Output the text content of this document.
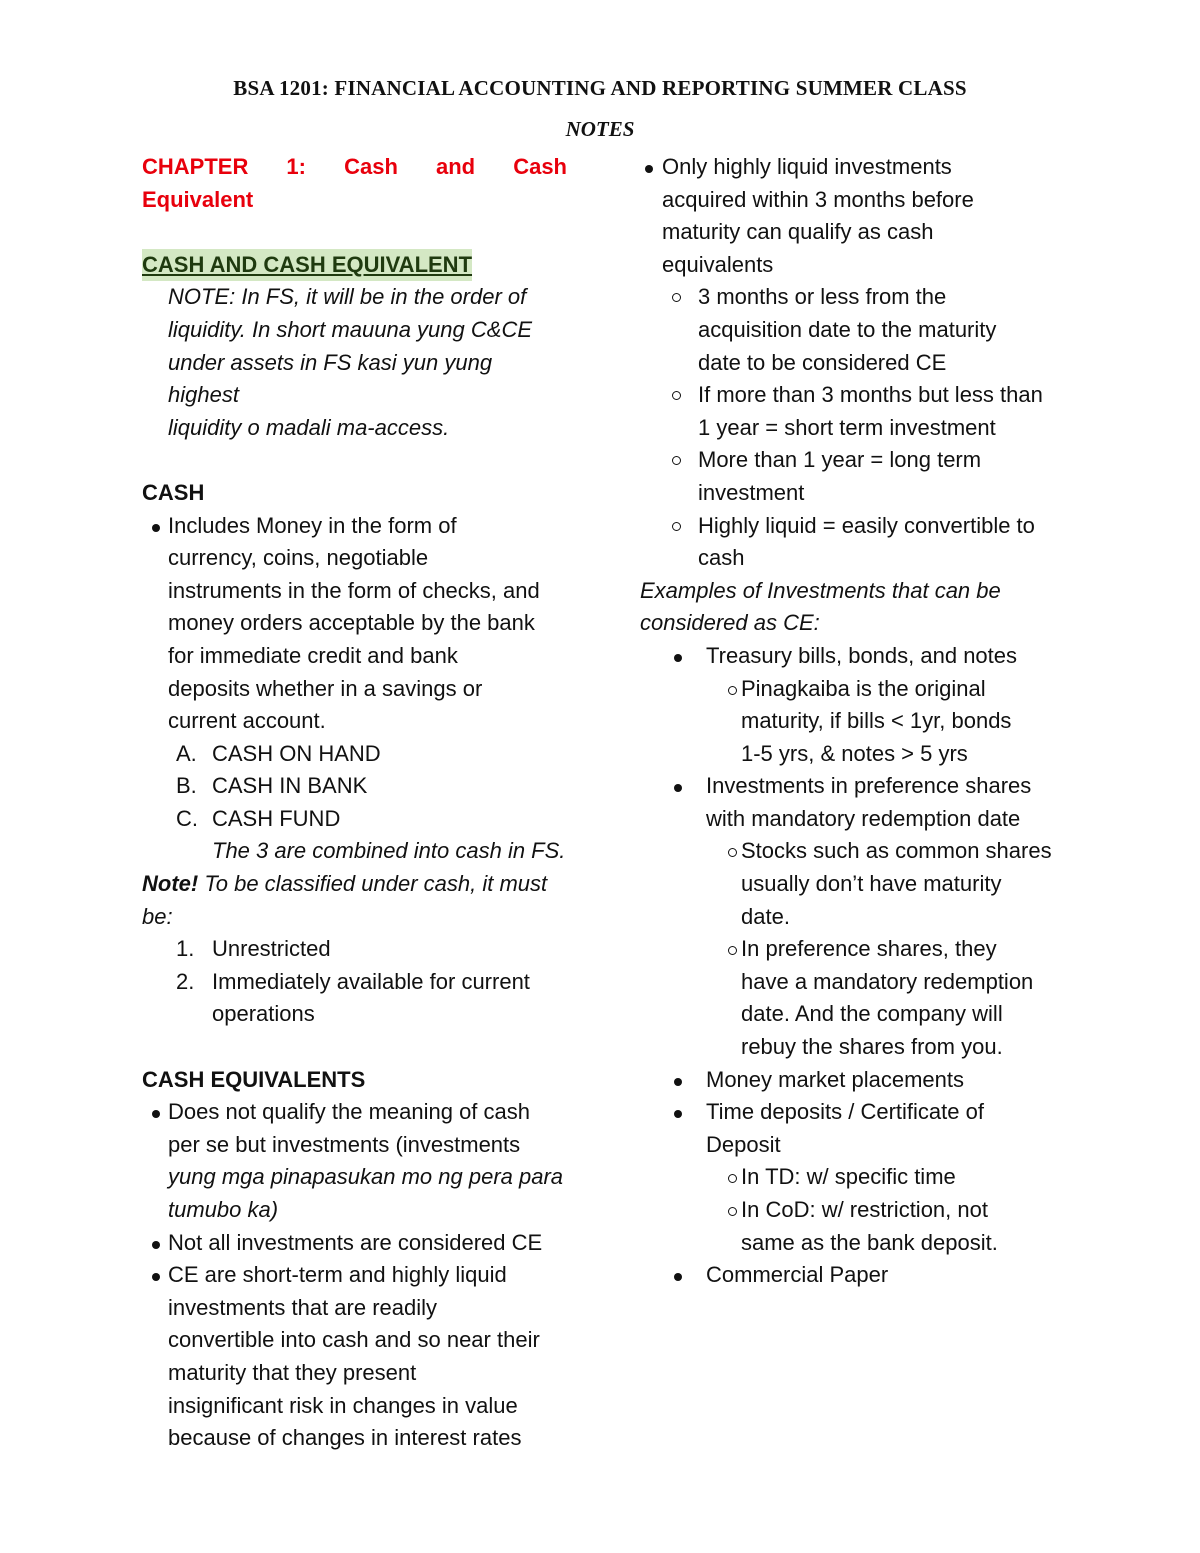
BSA 1201: FINANCIAL ACCOUNTING AND REPORTING SUMMER CLASS
NOTES
CHAPTER 1: Cash and Cash
Equivalent
CASH AND CASH EQUIVALENT
NOTE: In FS, it will be in the order of
liquidity. In short mauuna yung C&CE
under assets in FS kasi yun yung highest
liquidity o madali ma-access.
CASH
Includes Money in the form of
currency, coins, negotiable
instruments in the form of checks, and
money orders acceptable by the bank
for immediate credit and bank
deposits whether in a savings or
current account.
A. CASH ON HAND
B. CASH IN BANK
C. CASH FUND
The 3 are combined into cash in FS.
Note! To be classified under cash, it must be:
1. Unrestricted
2. Immediately available for current
operations
CASH EQUIVALENTS
Does not qualify the meaning of cash
per se but investments (investments
yung mga pinapasukan mo ng pera para
tumubo ka)
Not all investments are considered CE
CE are short-term and highly liquid
investments that are readily
convertible into cash and so near their
maturity that they present
insignificant risk in changes in value
because of changes in interest rates
Only highly liquid investments
acquired within 3 months before
maturity can qualify as cash
equivalents
3 months or less from the
acquisition date to the maturity
date to be considered CE
If more than 3 months but less than
1 year = short term investment
More than 1 year = long term
investment
Highly liquid = easily convertible to
cash
Examples of Investments that can be
considered as CE:
Treasury bills, bonds, and notes
Pinagkaiba is the original
maturity, if bills < 1yr, bonds
1-5 yrs, & notes > 5 yrs
Investments in preference shares
with mandatory redemption date
Stocks such as common shares
usually don’t have maturity
date.
In preference shares, they
have a mandatory redemption
date. And the company will
rebuy the shares from you.
Money market placements
Time deposits / Certificate of
Deposit
In TD: w/ specific time
In CoD: w/ restriction, not
same as the bank deposit.
Commercial Paper
